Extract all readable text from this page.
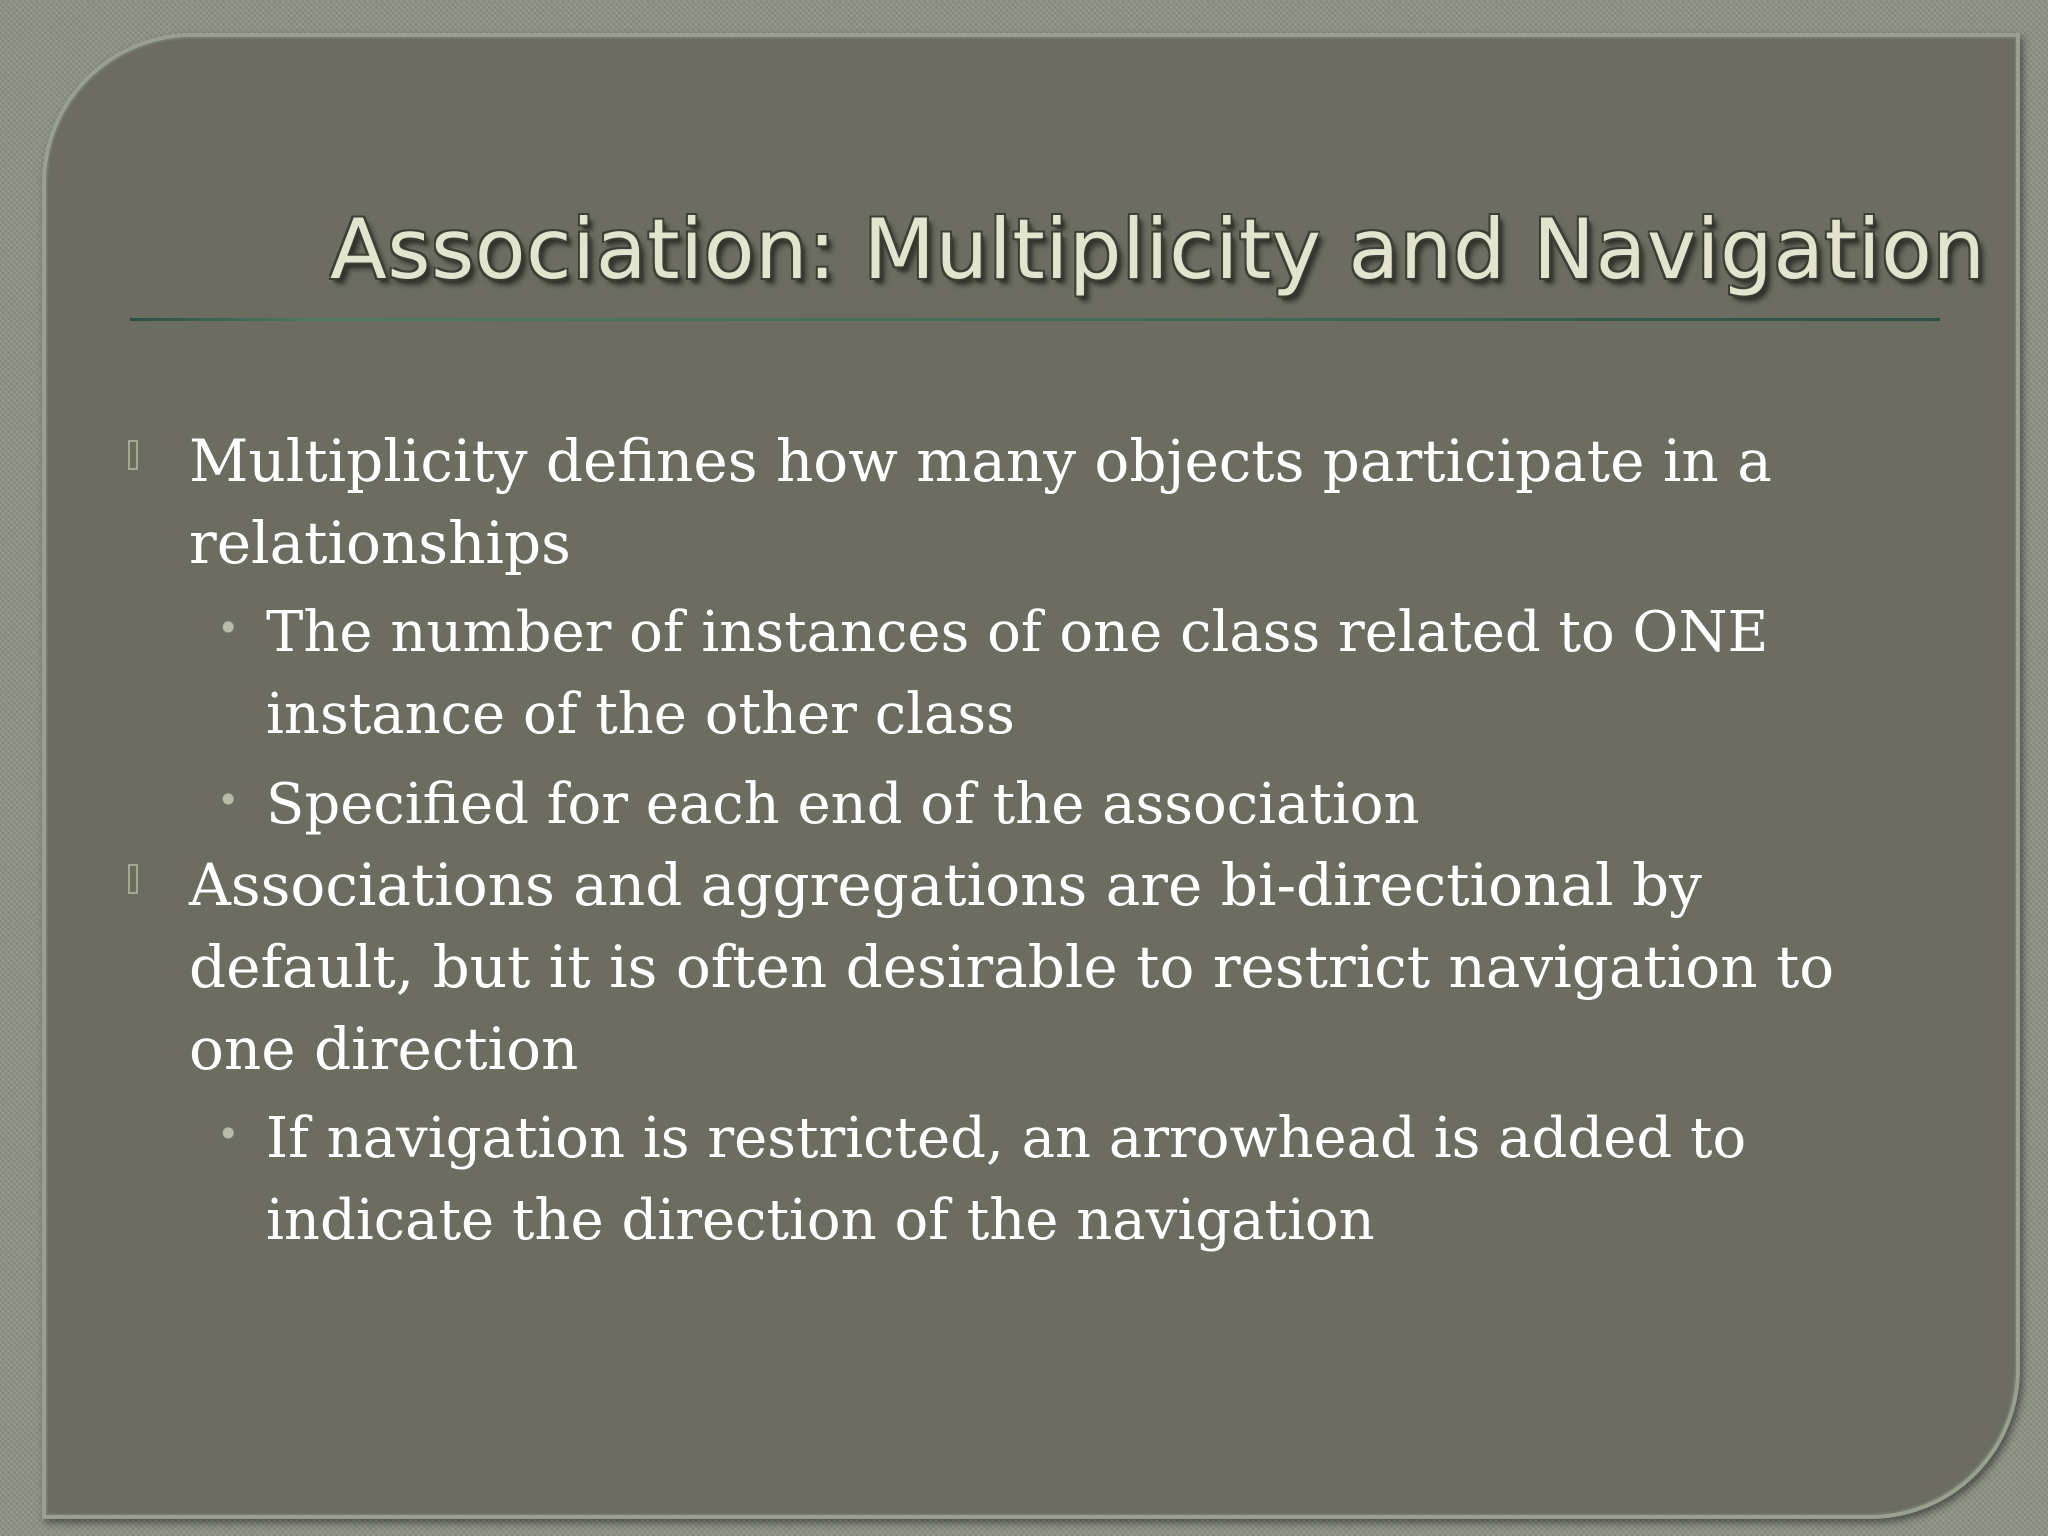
Association: Multiplicity and Navigation

Multiplicity defines how many objects participate in a relationships

• The number of instances of one class related to ONE instance of the other class

• Specified for each end of the association

Associations and aggregations are bi-directional by default, but it is often desirable to restrict navigation to one direction

• If navigation is restricted, an arrowhead is added to indicate the direction of the navigation
